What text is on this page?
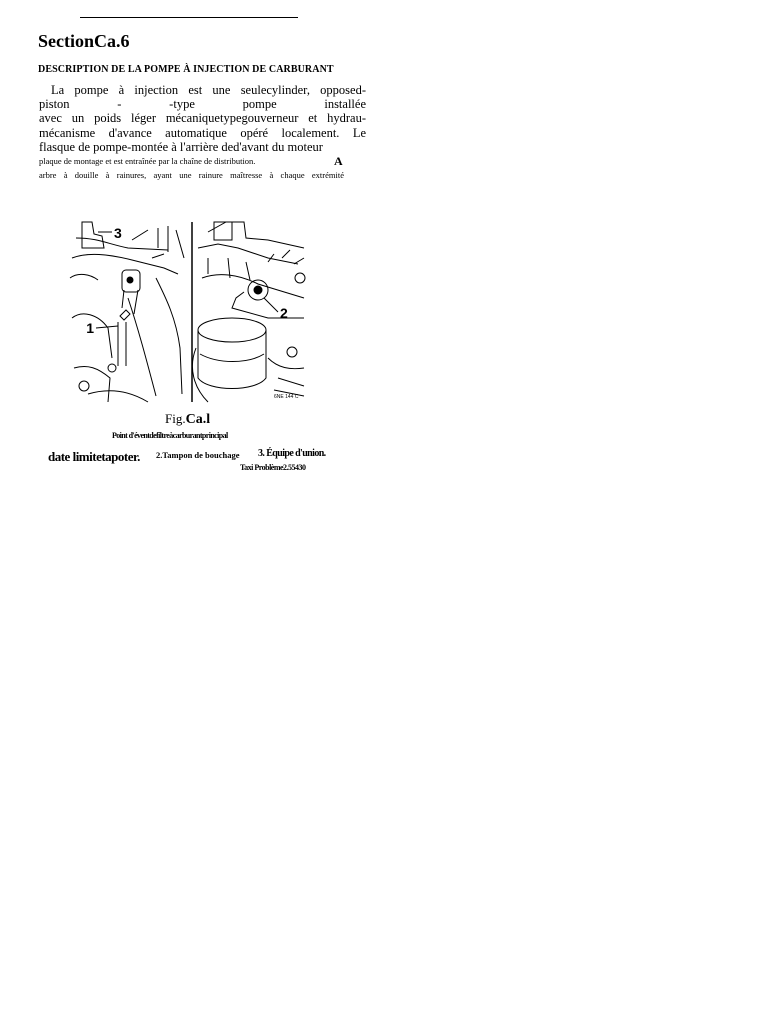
SectionCa.6
DESCRIPTION DE LA POMPE À INJECTION DE CARBURANT
La pompe à injection est une seulecylinder, opposed-
piston - -type pompe installée
avec un poids léger mécaniquetypegouverneur et hydrau-
mécanisme d'avance automatique opéré localement. Le
flasque de pompe-montée à l'arrière ded'avant du moteur
plaque de montage et est entraînée par la chaîne de distribution.	A
arbre à douille à rainures, ayant une rainure maîtresse à chaque extrémité
1
3
2
6NE 144 C
Fig.Ca.l
Point d'éventdefiltreàcarburantprincipal
date limitetapoter. 2.Tampon de bouchage 3. Équipe d'union.
Taxi Problème2.55430
